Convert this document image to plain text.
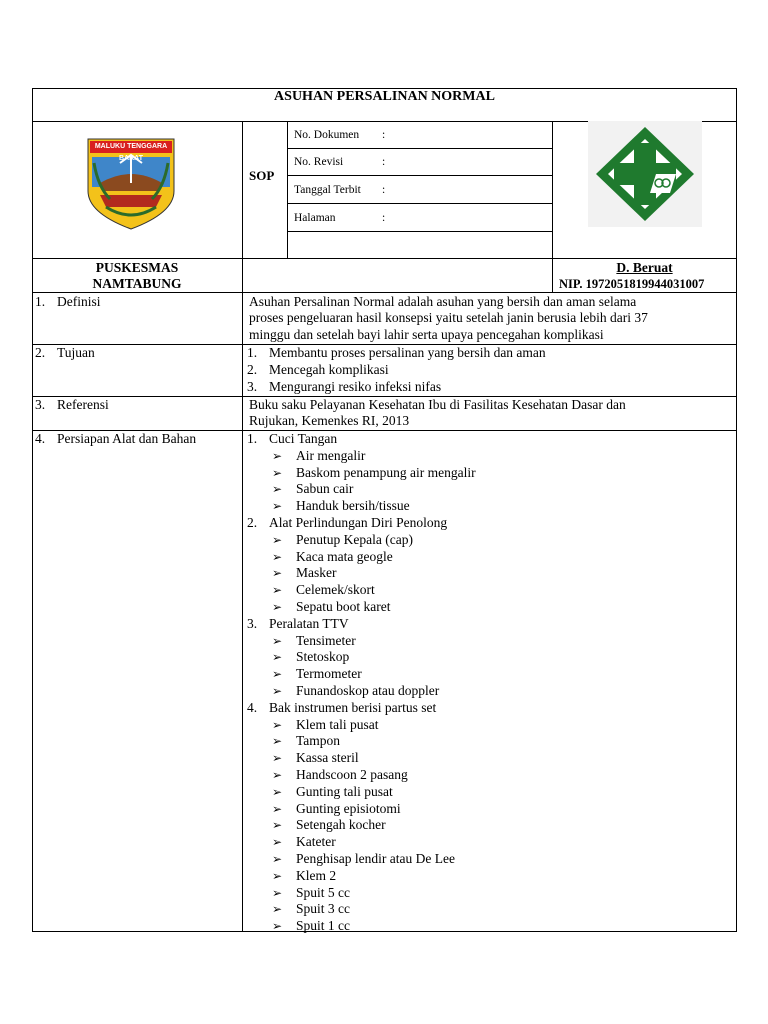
ASUHAN PERSALINAN NORMAL
MALUKU TENGGARA BARAT
SOP
No. Dokumen :
No. Revisi	:
Tanggal Terbit :
Halaman	:
PUSKESMAS
NAMTABUNG
D. Beruat
NIP. 197205181994403100​7
1. Definisi	Asuhan Persalinan Normal adalah asuhan yang bersih dan aman selama
proses pengeluaran hasil konsepsi yaitu setelah janin berusia lebih dari 37
minggu dan setelah bayi lahir serta upaya pencegahan komplikasi
2. Tujuan	1. Membantu proses persalinan yang bersih dan aman
2. Mencegah komplikasi
3. Mengurangi resiko infeksi nifas
3. Referensi	Buku saku Pelayanan Kesehatan Ibu di Fasilitas Kesehatan Dasar dan
Rujukan, Kemenkes RI, 2013
4. Persiapan Alat dan Bahan	1. Cuci Tangan
➢ Air mengalir
➢ Baskom penampung air mengalir
➢ Sabun cair
➢ Handuk bersih/tissue
2. Alat Perlindungan Diri Penolong
➢ Penutup Kepala (cap)
➢ Kaca mata geogle
➢ Masker
➢ Celemek/skort
➢ Sepatu boot karet
3. Peralatan TTV
➢ Tensimeter
➢ Stetoskop
➢ Termometer
➢ Funandoskop atau doppler
4. Bak instrumen berisi partus set
➢ Klem tali pusat
➢ Tampon
➢ Kassa steril
➢ Handscoon 2 pasang
➢ Gunting tali pusat
➢ Gunting episiotomi
➢ Setengah kocher
➢ Kateter
➢ Penghisap lendir atau De Lee
➢ Klem 2
➢ Spuit 5 cc
➢ Spuit 3 cc
➢ Spuit 1 cc
